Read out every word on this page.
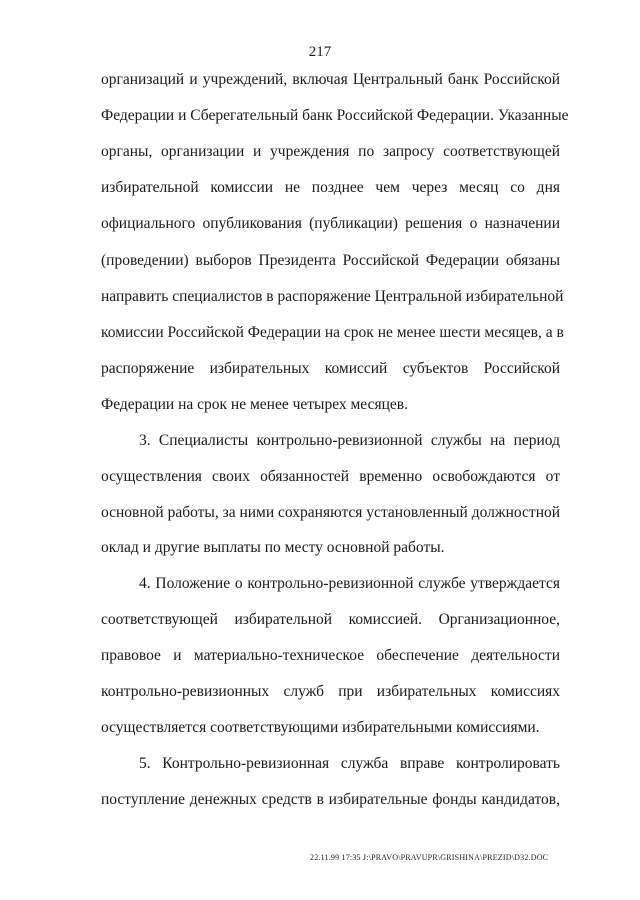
217
организаций и учреждений, включая Центральный банк Российской
Федерации и Сберегательный банк Российской Федерации. Указанные
органы, организации и учреждения по запросу соответствующей
избирательной комиссии не позднее чем через месяц со дня
официального опубликования (публикации) решения о назначении
(проведении) выборов Президента Российской Федерации обязаны
направить специалистов в распоряжение Центральной избирательной
комиссии Российской Федерации на срок не менее шести месяцев, а в
распоряжение избирательных комиссий субъектов Российской
Федерации на срок не менее четырех месяцев.
3. Специалисты контрольно-ревизионной службы на период
осуществления своих обязанностей временно освобождаются от
основной работы, за ними сохраняются установленный должностной
оклад и другие выплаты по месту основной работы.
4. Положение о контрольно-ревизионной службе утверждается
соответствующей избирательной комиссией. Организационное,
правовое и материально-техническое обеспечение деятельности
контрольно-ревизионных служб при избирательных комиссиях
осуществляется соответствующими избирательными комиссиями.
5. Контрольно-ревизионная служба вправе контролировать
поступление денежных средств в избирательные фонды кандидатов,
22.11.99 17:35 J:\PRAVO\PRAVUPR\GRISHINA\PREZID\D32.DOC
